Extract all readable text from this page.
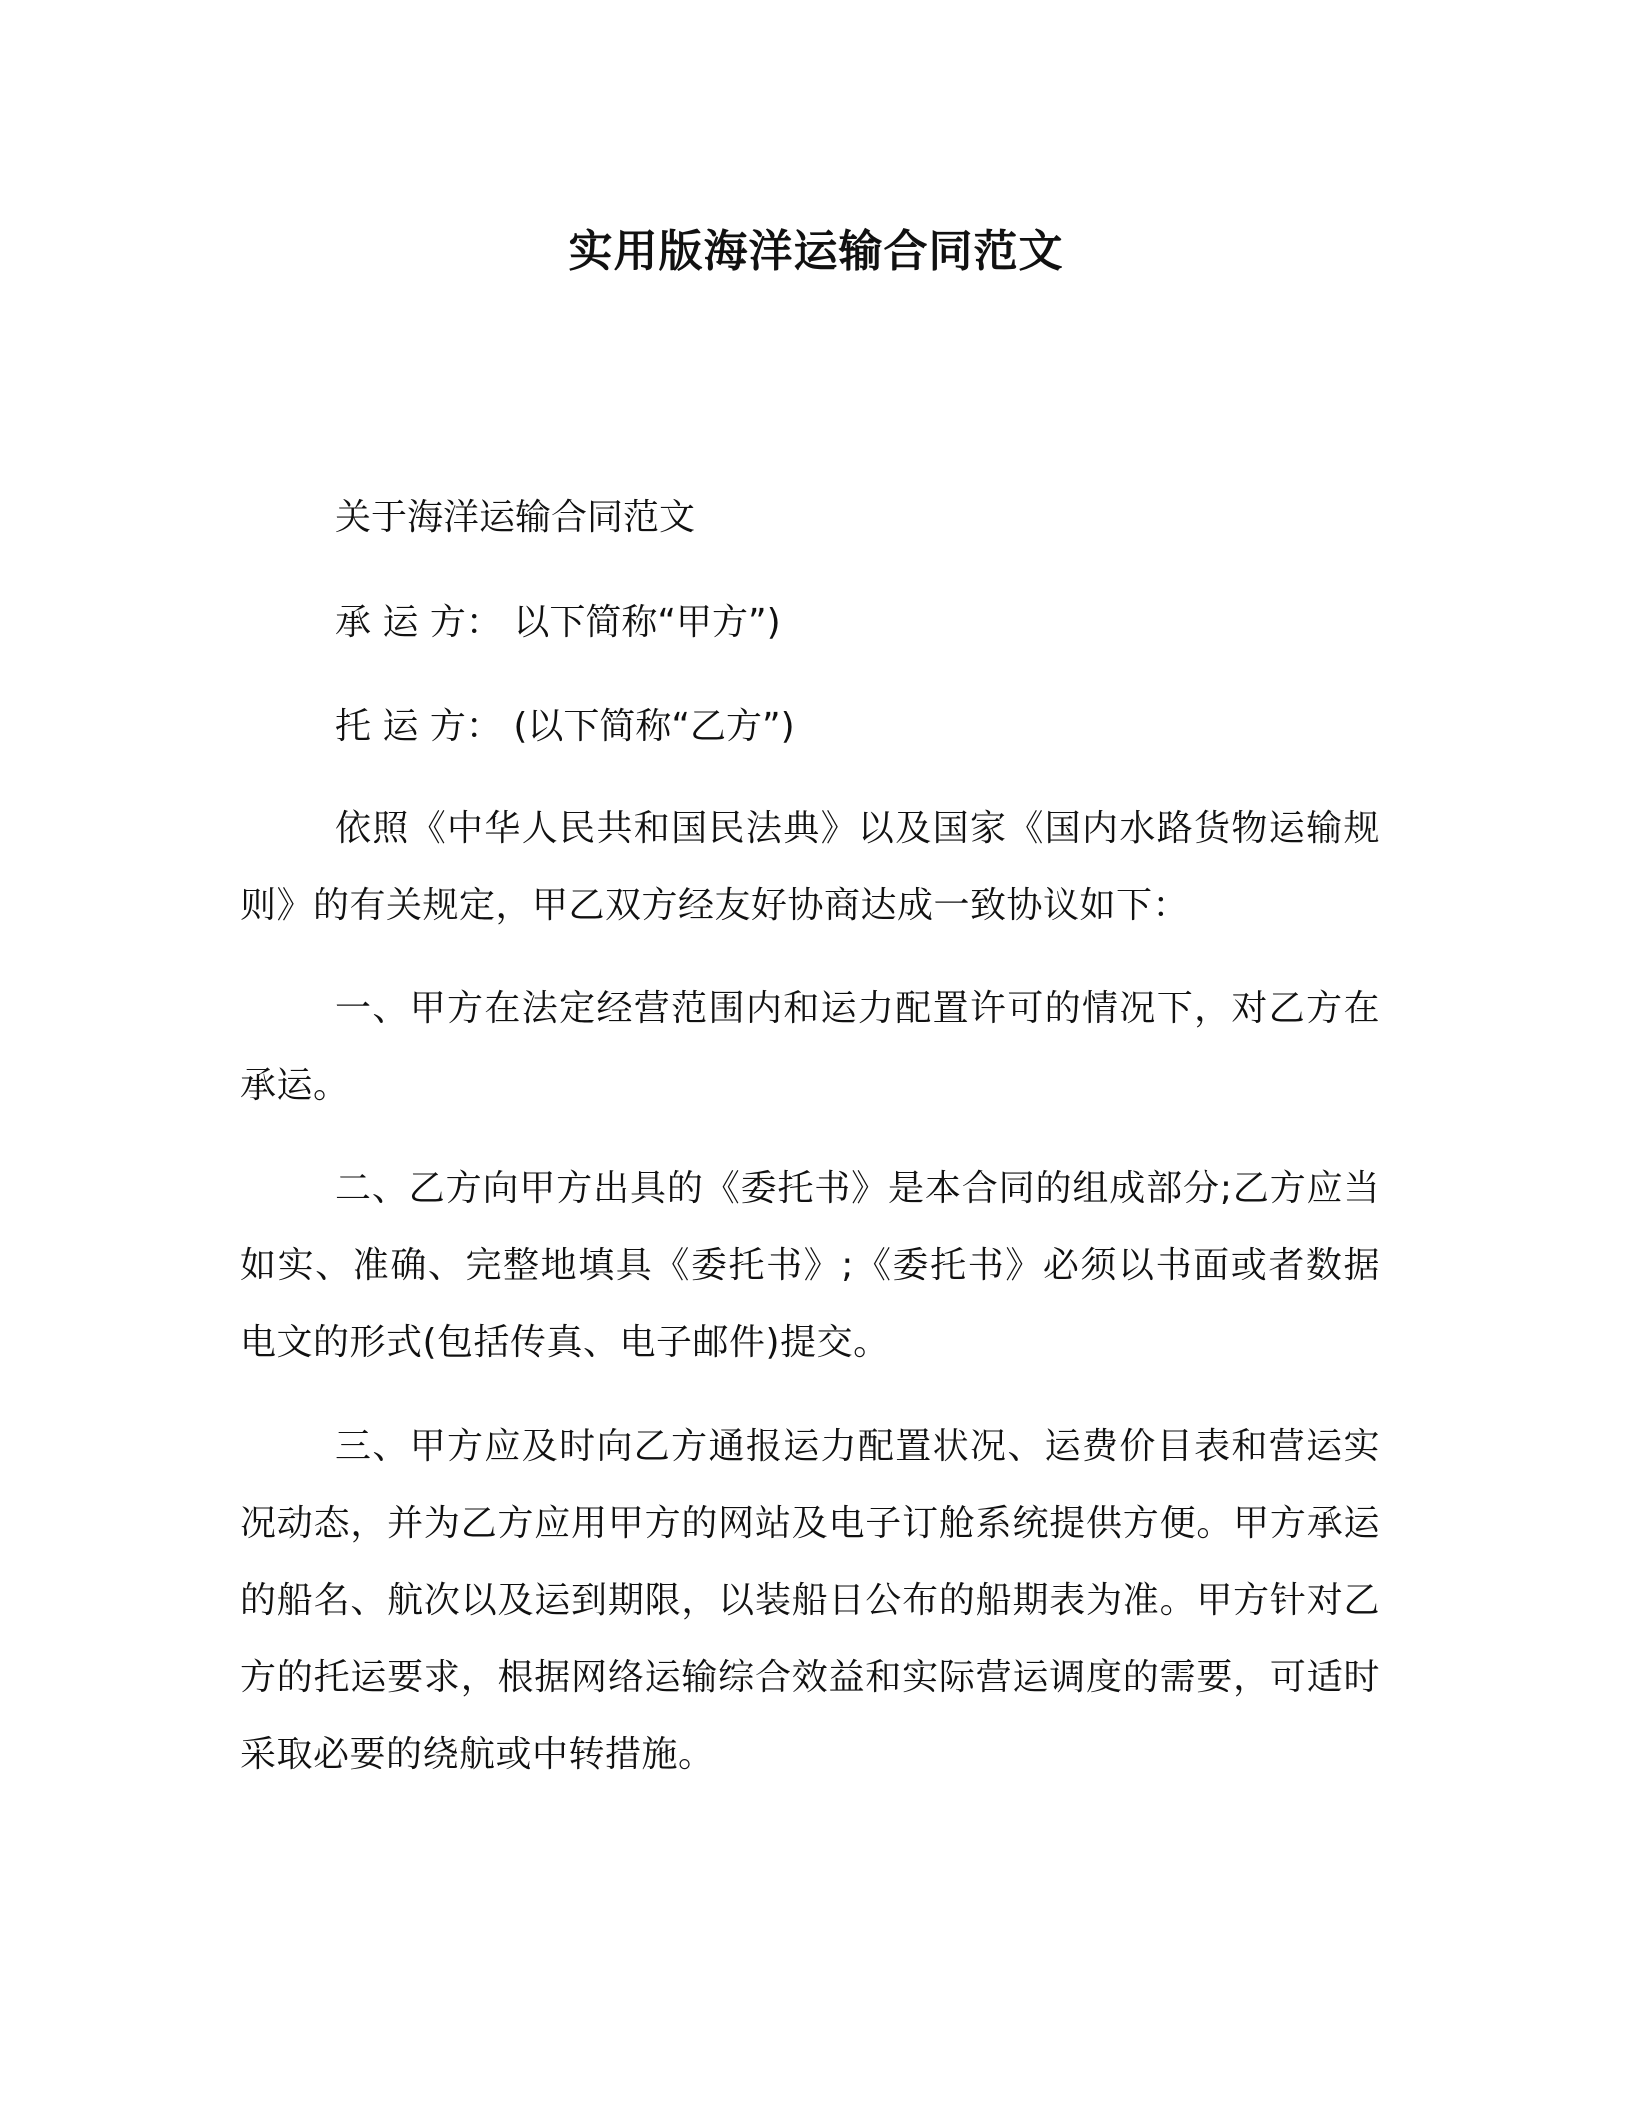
实用版海洋运输合同范文
关于海洋运输合同范文
承 运 方： 以下简称“甲方”)
托 运 方： (以下简称“乙方”)
依照《中华人民共和国民法典》以及国家《国内水路货物运输规则》的有关规定，甲乙双方经友好协商达成一致协议如下：
一、甲方在法定经营范围内和运力配置许可的情况下，对乙方在承运。
二、乙方向甲方出具的《委托书》是本合同的组成部分;乙方应当如实、准确、完整地填具《委托书》;《委托书》必须以书面或者数据电文的形式(包括传真、电子邮件)提交。
三、甲方应及时向乙方通报运力配置状况、运费价目表和营运实况动态，并为乙方应用甲方的网站及电子订舱系统提供方便。甲方承运的船名、航次以及运到期限，以装船日公布的船期表为准。甲方针对乙方的托运要求，根据网络运输综合效益和实际营运调度的需要，可适时采取必要的绕航或中转措施。
